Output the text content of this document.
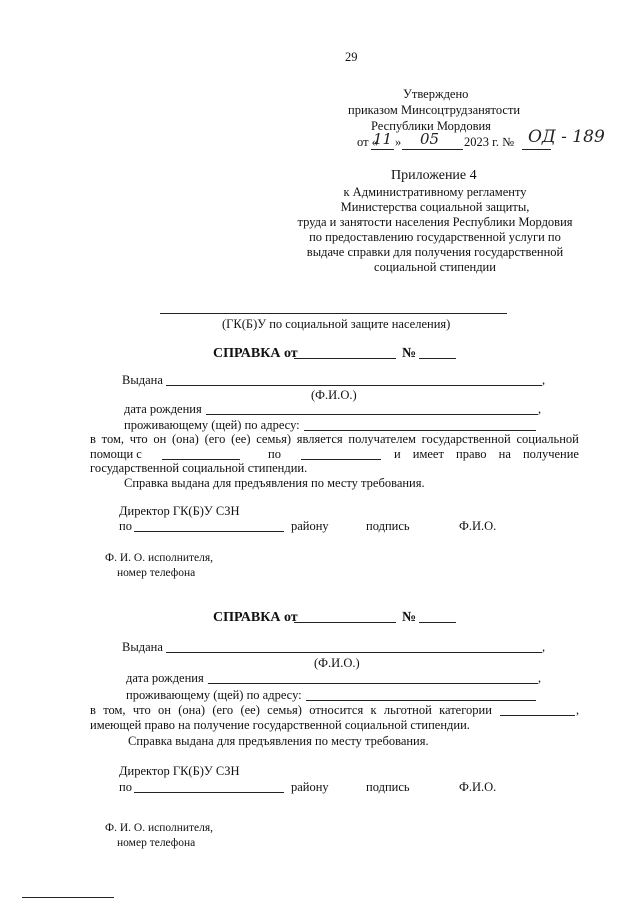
29
Утверждено
приказом Минсоцтрудзанятости
Республики Мордовия
от «
11 » 05 2023 г. № ОД - 189
Приложение 4
к Административному регламенту
Министерства социальной защиты,
труда и занятости населения Республики Мордовия
по предоставлению государственной услуги по
выдаче справки для получения государственной
социальной стипендии
(ГК(Б)У по социальной защите населения)
СПРАВКА от	№
Выдана	,
(Ф.И.О.)
дата рождения	,
проживающему (щей) по адресу:
в том, что он (она) (его (ее) семья) является получателем государственной социальной
помощи с	по	и имеет право на получение
государственной социальной стипендии.
Справка выдана для предъявления по месту требования.
Директор ГК(Б)У СЗН
по	району	подпись	Ф.И.О.
Ф. И. О. исполнителя,
номер телефона
СПРАВКА от	№
Выдана	,
(Ф.И.О.)
дата рождения	,
проживающему (щей) по адресу:
в том, что он (она) (его (ее) семья) относится к льготной категории	,
имеющей право на получение государственной социальной стипендии.
Справка выдана для предъявления по месту требования.
Директор ГК(Б)У СЗН
по	району	подпись	Ф.И.О.
Ф. И. О. исполнителя,
номер телефона
